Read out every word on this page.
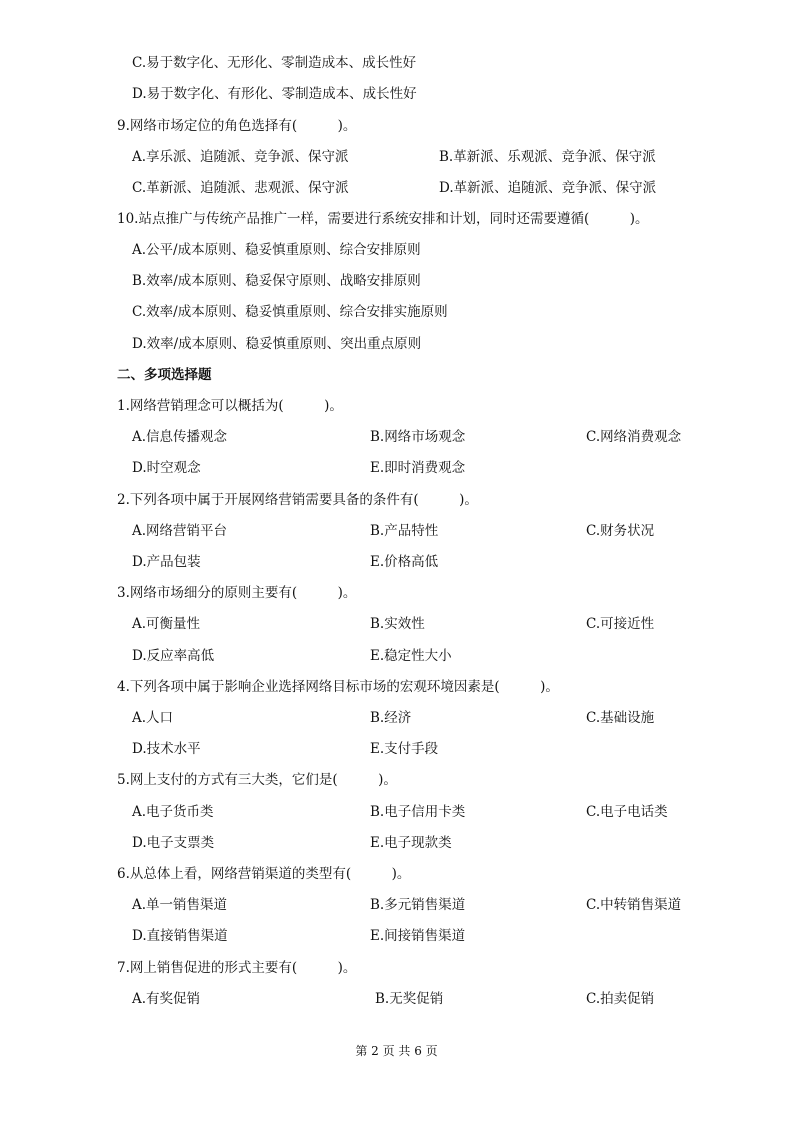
C.易于数字化、无形化、零制造成本、成长性好
D.易于数字化、有形化、零制造成本、成长性好
9.网络市场定位的角色选择有(　　　)。
A.享乐派、追随派、竞争派、保守派	B.革新派、乐观派、竞争派、保守派
C.革新派、追随派、悲观派、保守派	D.革新派、追随派、竞争派、保守派
10.站点推广与传统产品推广一样，需要进行系统安排和计划，同时还需要遵循(　　　)。
A.公平/成本原则、稳妥慎重原则、综合安排原则
B.效率/成本原则、稳妥保守原则、战略安排原则
C.效率/成本原则、稳妥慎重原则、综合安排实施原则
D.效率/成本原则、稳妥慎重原则、突出重点原则
二、多项选择题
1.网络营销理念可以概括为(　　　)。
A.信息传播观念	B.网络市场观念	C.网络消费观念
D.时空观念	E.即时消费观念
2.下列各项中属于开展网络营销需要具备的条件有(　　　)。
A.网络营销平台	B.产品特性	C.财务状况
D.产品包装	E.价格高低
3.网络市场细分的原则主要有(　　　)。
A.可衡量性	B.实效性	C.可接近性
D.反应率高低	E.稳定性大小
4.下列各项中属于影响企业选择网络目标市场的宏观环境因素是(　　　)。
A.人口	B.经济	C.基础设施
D.技术水平	E.支付手段
5.网上支付的方式有三大类，它们是(　　　)。
A.电子货币类	B.电子信用卡类	C.电子电话类
D.电子支票类	E.电子现款类
6.从总体上看，网络营销渠道的类型有(　　　)。
A.单一销售渠道	B.多元销售渠道	C.中转销售渠道
D.直接销售渠道	E.间接销售渠道
7.网上销售促进的形式主要有(　　　)。
A.有奖促销	B.无奖促销	C.拍卖促销
第 2 页 共 6 页
